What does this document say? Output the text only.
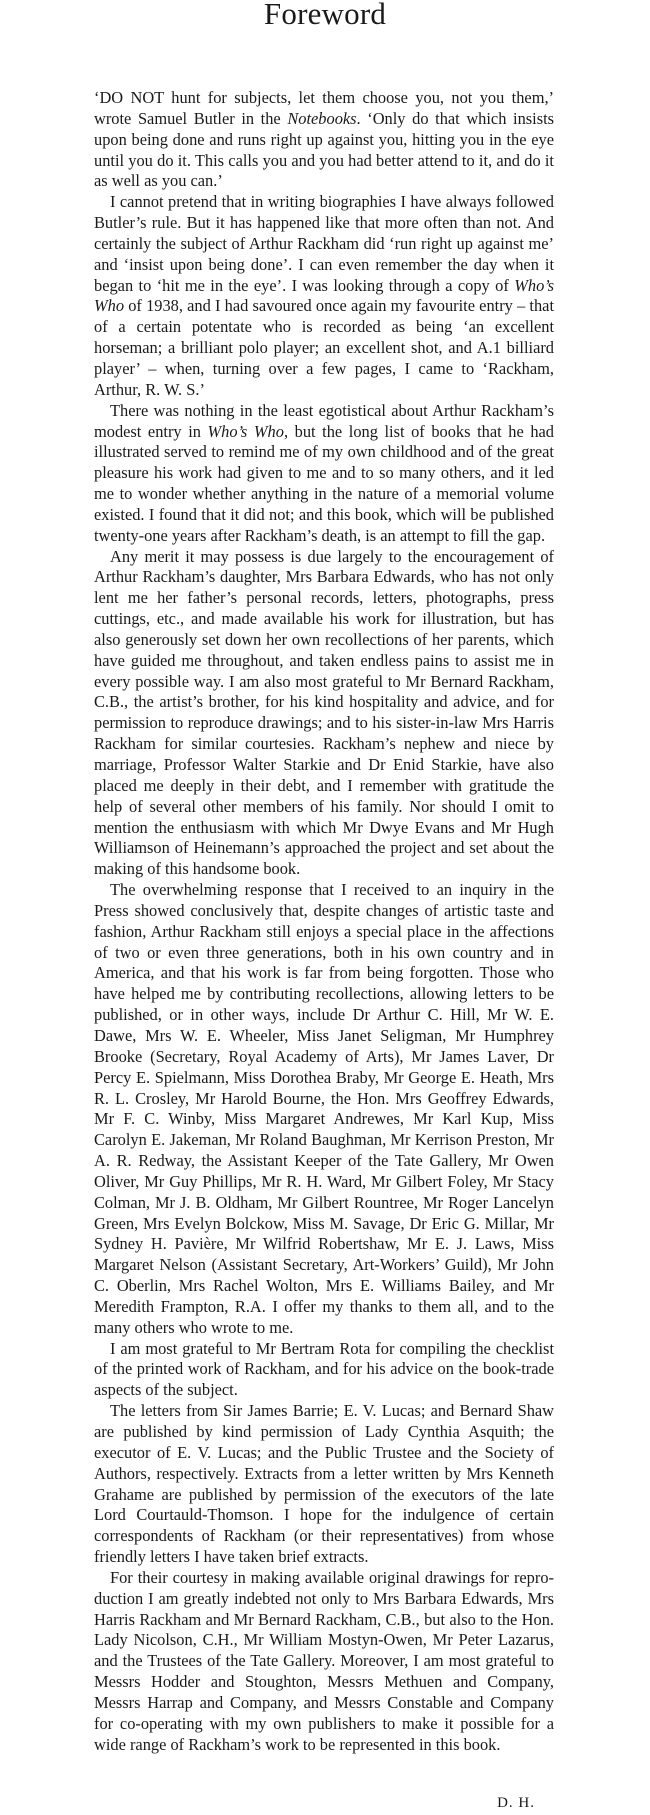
Foreword

‘DO NOT hunt for subjects, let them choose you, not you them,’ wrote Samuel Butler in the Notebooks. ‘Only do that which insists upon being done and runs right up against you, hitting you in the eye until you do it. This calls you and you had better attend to it, and do it as well as you can.’

I cannot pretend that in writing biographies I have always followed Butler’s rule. But it has happened like that more often than not. And certainly the subject of Arthur Rackham did ‘run right up against me’ and ‘insist upon being done’. I can even remember the day when it began to ‘hit me in the eye’. I was looking through a copy of Who’s Who of 1938, and I had savoured once again my favourite entry – that of a certain potentate who is recorded as being ‘an excellent horseman; a brilliant polo player; an excellent shot, and A.1 billiard player’ – when, turning over a few pages, I came to ‘Rackham, Arthur, R. W. S.’

There was nothing in the least egotistical about Arthur Rackham’s modest entry in Who’s Who, but the long list of books that he had illustrated served to remind me of my own childhood and of the great pleasure his work had given to me and to so many others, and it led me to wonder whether anything in the nature of a memorial volume existed. I found that it did not; and this book, which will be published twenty-one years after Rackham’s death, is an attempt to fill the gap.

Any merit it may possess is due largely to the encouragement of Arthur Rackham’s daughter, Mrs Barbara Edwards, who has not only lent me her father’s personal records, letters, photographs, press cuttings, etc., and made available his work for illustration, but has also generously set down her own recollections of her parents, which have guided me throughout, and taken endless pains to assist me in every possible way. I am also most grateful to Mr Bernard Rackham, C.B., the artist’s brother, for his kind hospitality and advice, and for permission to reproduce drawings; and to his sister-in-law Mrs Harris Rackham for similar courtesies. Rackham’s nephew and niece by marriage, Professor Walter Starkie and Dr Enid Starkie, have also placed me deeply in their debt, and I remember with gratitude the help of several other members of his family. Nor should I omit to mention the enthusiasm with which Mr Dwye Evans and Mr Hugh Williamson of Heinemann’s approached the project and set about the making of this handsome book.

The overwhelming response that I received to an inquiry in the Press showed conclusively that, despite changes of artistic taste and fashion, Arthur Rackham still enjoys a special place in the affections of two or even three generations, both in his own country and in America, and that his work is far from being forgotten. Those who have helped me by contributing recollections, allowing letters to be published, or in other ways, include Dr Arthur C. Hill, Mr W. E. Dawe, Mrs W. E. Wheeler, Miss Janet Seligman, Mr Humphrey Brooke (Secretary, Royal Academy of Arts), Mr James Laver, Dr Percy E. Spielmann, Miss Dorothea Braby, Mr George E. Heath, Mrs R. L. Crosley, Mr Harold Bourne, the Hon. Mrs Geoffrey Edwards, Mr F. C. Winby, Miss Margaret Andrewes, Mr Karl Kup, Miss Carolyn E. Jakeman, Mr Roland Baughman, Mr Kerrison Preston, Mr A. R. Redway, the Assistant Keeper of the Tate Gallery, Mr Owen Oliver, Mr Guy Phillips, Mr R. H. Ward, Mr Gilbert Foley, Mr Stacy Colman, Mr J. B. Oldham, Mr Gilbert Rountree, Mr Roger Lancelyn Green, Mrs Evelyn Bolckow, Miss M. Savage, Dr Eric G. Millar, Mr Sydney H. Pavière, Mr Wilfrid Robertshaw, Mr E. J. Laws, Miss Margaret Nelson (Assistant Secretary, Art-Workers’ Guild), Mr John C. Oberlin, Mrs Rachel Wolton, Mrs E. Williams Bailey, and Mr Meredith Frampton, R.A. I offer my thanks to them all, and to the many others who wrote to me.

I am most grateful to Mr Bertram Rota for compiling the checklist of the printed work of Rackham, and for his advice on the book-trade aspects of the subject.

The letters from Sir James Barrie; E. V. Lucas; and Bernard Shaw are published by kind permission of Lady Cynthia Asquith; the executor of E. V. Lucas; and the Public Trustee and the Society of Authors, respectively. Extracts from a letter written by Mrs Kenneth Grahame are published by permission of the executors of the late Lord Courtauld-Thomson. I hope for the indulgence of certain correspondents of Rackham (or their representatives) from whose friendly letters I have taken brief extracts.

For their courtesy in making available original drawings for reproduction I am greatly indebted not only to Mrs Barbara Edwards, Mrs Harris Rackham and Mr Bernard Rackham, C.B., but also to the Hon. Lady Nicolson, C.H., Mr William Mostyn-Owen, Mr Peter Lazarus, and the Trustees of the Tate Gallery. Moreover, I am most grateful to Messrs Hodder and Stoughton, Messrs Methuen and Company, Messrs Harrap and Company, and Messrs Constable and Company for co-operating with my own publishers to make it possible for a wide range of Rackham’s work to be represented in this book.

D. H.
